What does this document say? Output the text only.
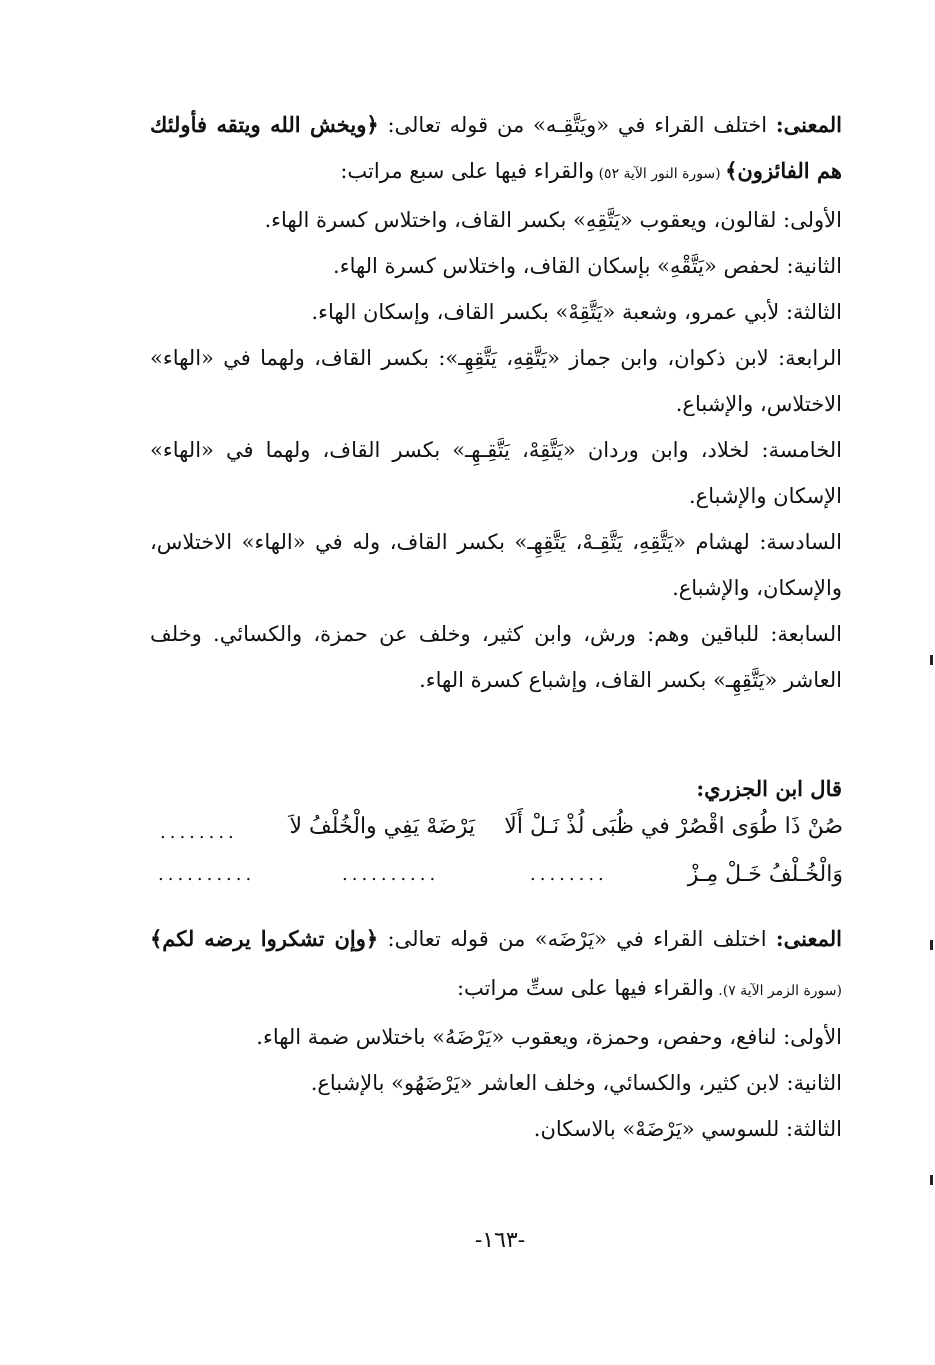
المعنى: اختلف القراء في «ويَتَّقِـه» من قوله تعالى: ﴿ويخش الله ويتقه فأولئك هم الفائزون﴾ (سورة النور الآية ٥٢) والقراء فيها على سبع مراتب:

الأولى: لقالون، ويعقوب «يَتَّقِهِ» بكسر القاف، واختلاس كسرة الهاء.

الثانية: لحفص «يَتَّقْهِ» بإسكان القاف، واختلاس كسرة الهاء.

الثالثة: لأبي عمرو، وشعبة «يَتَّقِهْ» بكسر القاف، وإسكان الهاء.

الرابعة: لابن ذكوان، وابن جماز «يَتَّقِهِ، يَتَّقِهِـ»: بكسر القاف، ولهما في «الهاء» الاختلاس، والإشباع.

الخامسة: لخلاد، وابن وردان «يَتَّقِهْ، يَتَّقِـهِـ» بكسر القاف، ولهما في «الهاء» الإسكان والإشباع.

السادسة: لهشام «يَتَّقِهِ، يَتَّقِـهْ، يَتَّقِهِـ» بكسر القاف، وله في «الهاء» الاختلاس، والإسكان، والإشباع.

السابعة: للباقين وهم: ورش، وابن كثير، وخلف عن حمزة، والكسائي. وخلف العاشر «يَتَّقِهِـ» بكسر القاف، وإشباع كسرة الهاء.

قال ابن الجزري:

صُنْ ذَا طُوَى اقْصُرْ في ظُبَى لُذْ نَـلْ أَلَا
يَرْضَهْ يَفِي والْخُلْفُ لاَ
........
وَالْخُـلْفُ خَـلْ مِـزْ
........
..........
..........

المعنى: اختلف القراء في «يَرْضَه» من قوله تعالى: ﴿وإن تشكروا يرضه لكم﴾ (سورة الزمر الآية ٧). والقراء فيها على ستِّ مراتب:

الأولى: لنافع، وحفص، وحمزة، ويعقوب «يَرْضَهُ» باختلاس ضمة الهاء.

الثانية: لابن كثير، والكسائي، وخلف العاشر «يَرْضَهُو» بالإشباع.

الثالثة: للسوسي «يَرْضَهْ» بالاسكان.

-١٦٣-
